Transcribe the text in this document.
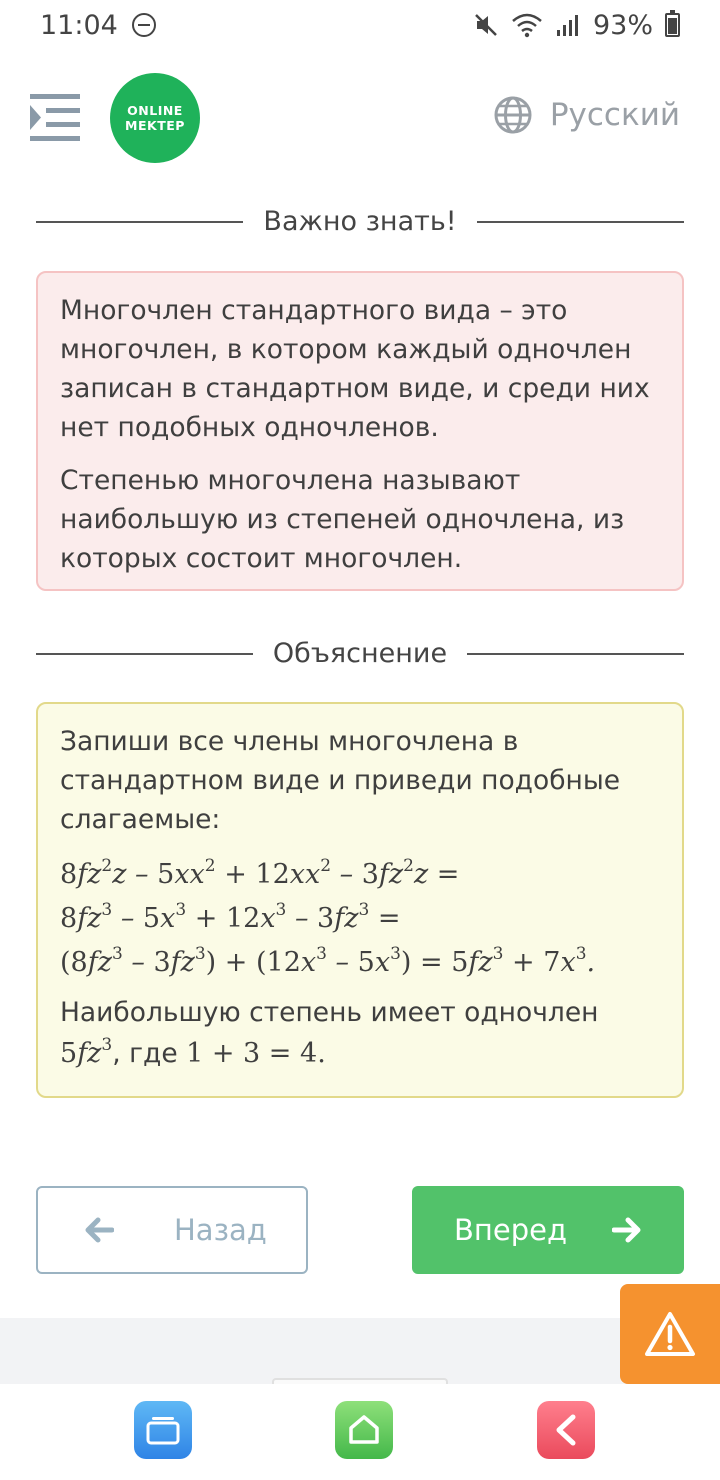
11:04	93%
ONLINE
MEKTEP	Русский
Важно знать!

Многочлен стандартного вида – это многочлен, в котором каждый одночлен записан в стандартном виде, и среди них нет подобных одночленов.

Степенью многочлена называют наибольшую из степеней одночлена, из которых состоит многочлен.

Объяснение

Запиши все члены многочлена в стандартном виде и приведи подобные слагаемые:

$8fz^2z - 5xx^2 + 12xx^2 - 3fz^2z$ =
$8fz^3 - 5x^3 + 12x^3 - 3fz^3$ =
$(8fz^3 - 3fz^3) + (12x^3 - 5x^3) = 5fz^3 + 7x^3$.

Наибольшую степень имеет одночлен
$5fz^3$, где 1 + 3 = 4.

Назад	Вперед
